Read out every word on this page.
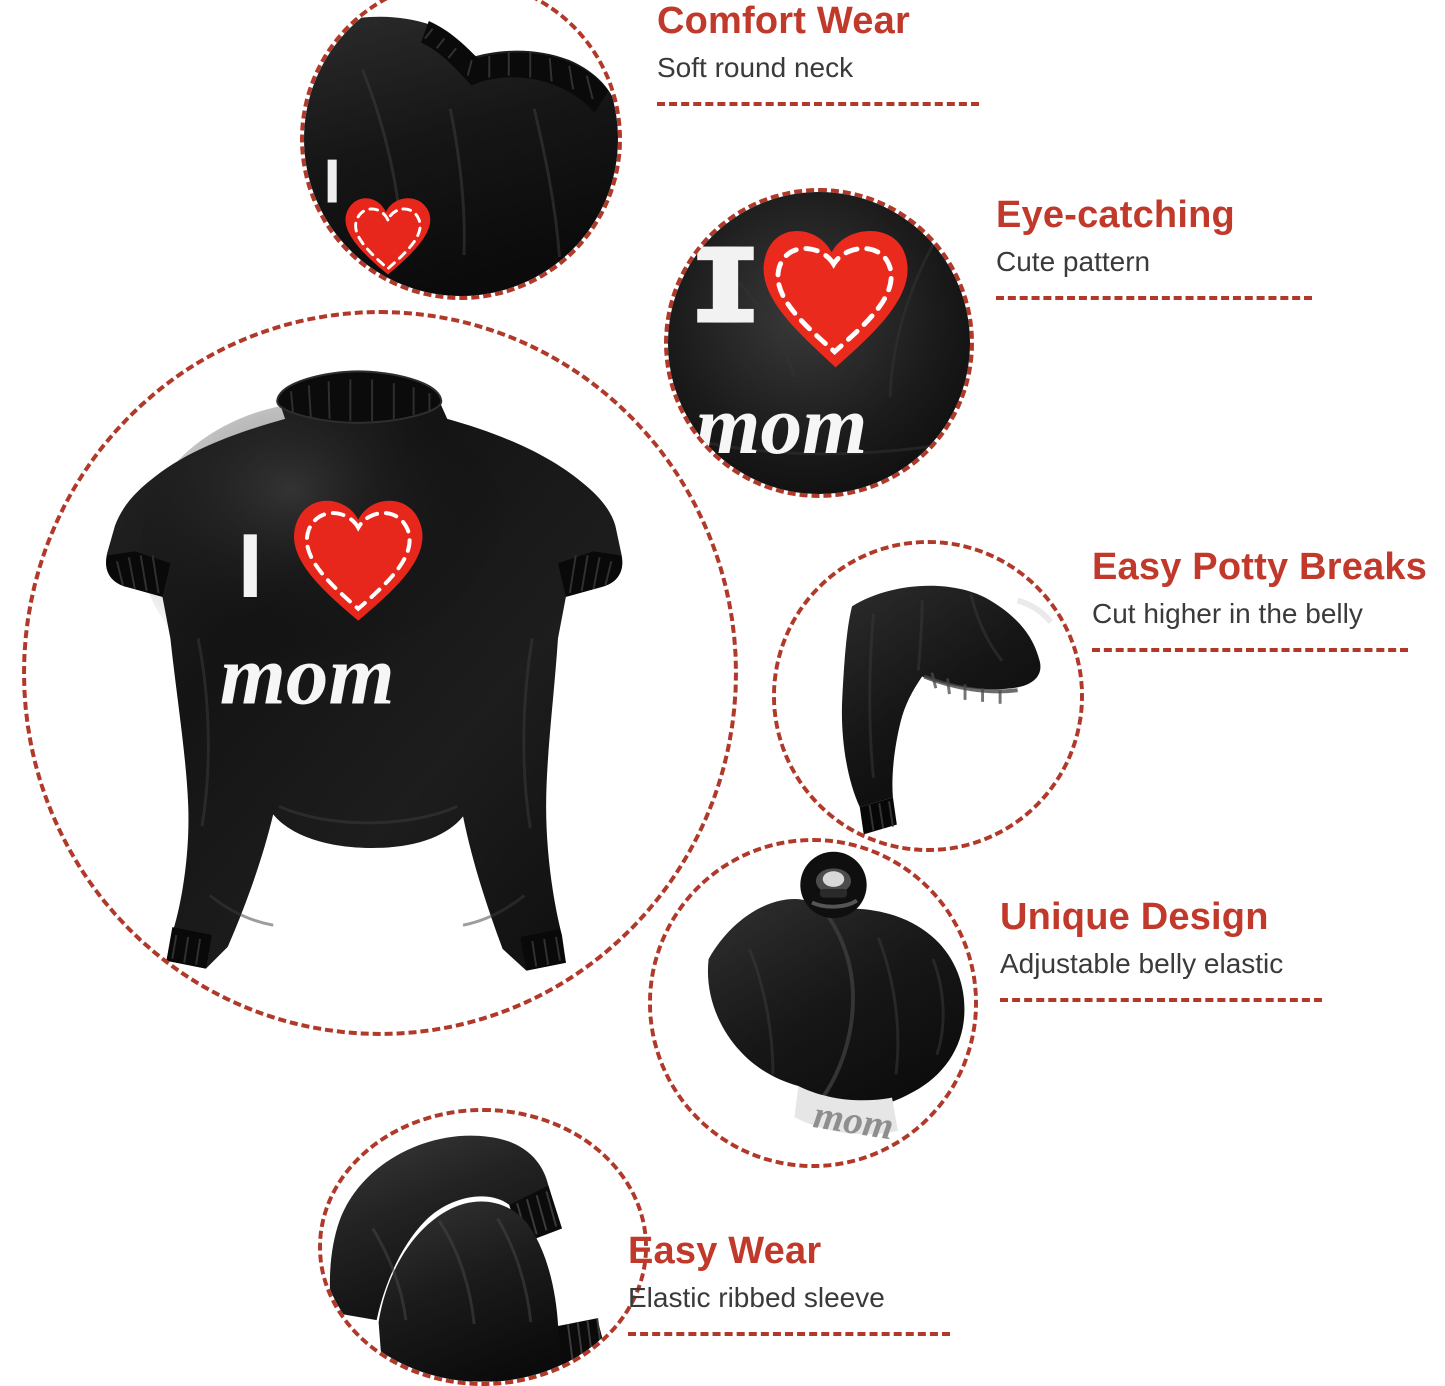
I
mom
I
mom
mom
Comfort Wear
Soft round neck
Eye-catching
Cute pattern
Easy Potty Breaks
Cut higher in the belly
Unique Design
Adjustable belly elastic
Easy Wear
Elastic ribbed sleeve
